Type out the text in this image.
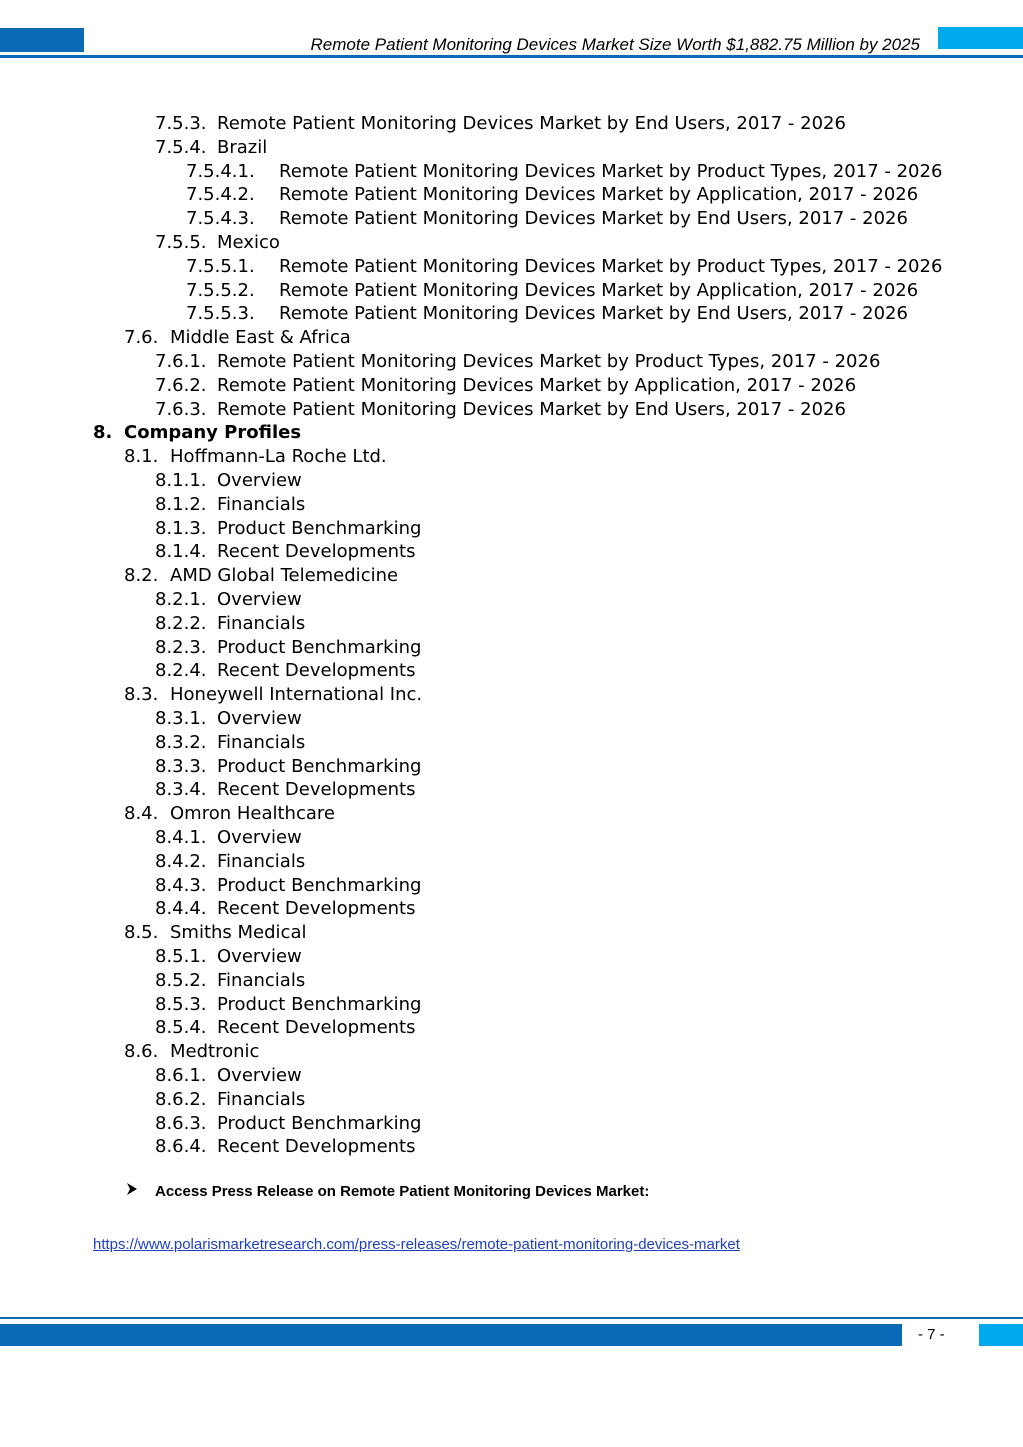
Remote Patient Monitoring Devices Market Size Worth $1,882.75 Million by 2025
7.5.3. Remote Patient Monitoring Devices Market by End Users, 2017 - 2026
7.5.4. Brazil
7.5.4.1. Remote Patient Monitoring Devices Market by Product Types, 2017 - 2026
7.5.4.2. Remote Patient Monitoring Devices Market by Application, 2017 - 2026
7.5.4.3. Remote Patient Monitoring Devices Market by End Users, 2017 - 2026
7.5.5. Mexico
7.5.5.1. Remote Patient Monitoring Devices Market by Product Types, 2017 - 2026
7.5.5.2. Remote Patient Monitoring Devices Market by Application, 2017 - 2026
7.5.5.3. Remote Patient Monitoring Devices Market by End Users, 2017 - 2026
7.6. Middle East & Africa
7.6.1. Remote Patient Monitoring Devices Market by Product Types, 2017 - 2026
7.6.2. Remote Patient Monitoring Devices Market by Application, 2017 - 2026
7.6.3. Remote Patient Monitoring Devices Market by End Users, 2017 - 2026
8. Company Profiles
8.1. Hoffmann-La Roche Ltd.
8.1.1. Overview
8.1.2. Financials
8.1.3. Product Benchmarking
8.1.4. Recent Developments
8.2. AMD Global Telemedicine
8.2.1. Overview
8.2.2. Financials
8.2.3. Product Benchmarking
8.2.4. Recent Developments
8.3. Honeywell International Inc.
8.3.1. Overview
8.3.2. Financials
8.3.3. Product Benchmarking
8.3.4. Recent Developments
8.4. Omron Healthcare
8.4.1. Overview
8.4.2. Financials
8.4.3. Product Benchmarking
8.4.4. Recent Developments
8.5. Smiths Medical
8.5.1. Overview
8.5.2. Financials
8.5.3. Product Benchmarking
8.5.4. Recent Developments
8.6. Medtronic
8.6.1. Overview
8.6.2. Financials
8.6.3. Product Benchmarking
8.6.4. Recent Developments
Access Press Release on Remote Patient Monitoring Devices Market:
https://www.polarismarketresearch.com/press-releases/remote-patient-monitoring-devices-market
- 7 -
